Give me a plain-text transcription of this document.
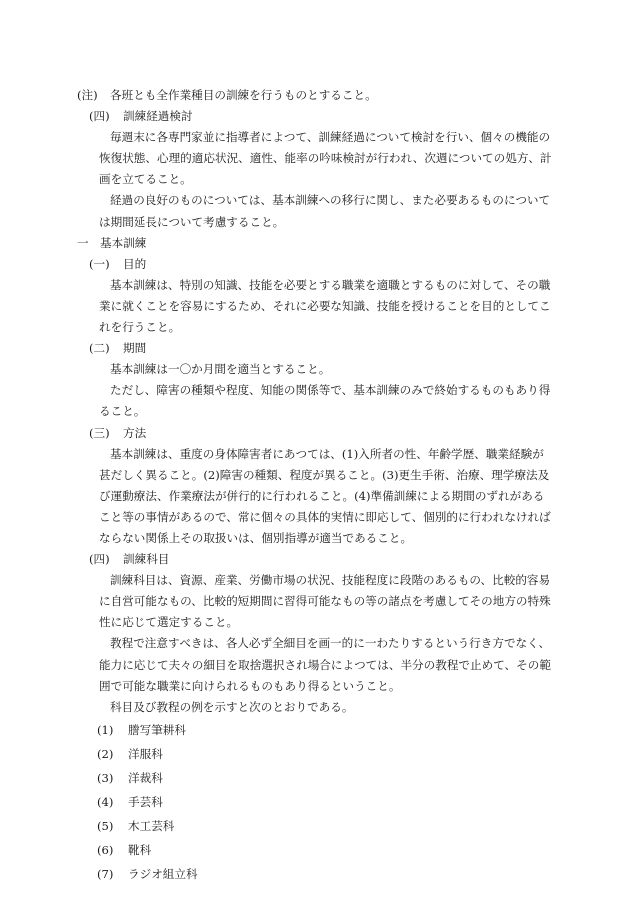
(注) 各班とも全作業種目の訓練を行うものとすること。
(四) 訓練経過検討
毎週末に各専門家並に指導者によつて、訓練経過について検討を行い、個々の機能の
恢復状態、心理的適応状況、適性、能率の吟味検討が行われ、次週についての処方、計
画を立てること。
経過の良好のものについては、基本訓練への移行に関し、また必要あるものについて
は期間延長について考慮すること。
一 基本訓練
(一) 目的
基本訓練は、特別の知識、技能を必要とする職業を適職とするものに対して、その職
業に就くことを容易にするため、それに必要な知識、技能を授けることを目的としてこ
れを行うこと。
(二) 期間
基本訓練は一〇か月間を適当とすること。
ただし、障害の種類や程度、知能の関係等で、基本訓練のみで終始するものもあり得
ること。
(三) 方法
基本訓練は、重度の身体障害者にあつては、(1)入所者の性、年齢学歴、職業経験が
甚だしく異ること。(2)障害の種類、程度が異ること。(3)更生手術、治療、理学療法及
び運動療法、作業療法が併行的に行われること。(4)準備訓練による期間のずれがある
こと等の事情があるので、常に個々の具体的実情に即応して、個別的に行われなければ
ならない関係上その取扱いは、個別指導が適当であること。
(四) 訓練科目
訓練科目は、資源、産業、労働市場の状況、技能程度に段階のあるもの、比較的容易
に自営可能なもの、比較的短期間に習得可能なもの等の諸点を考慮してその地方の特殊
性に応じて選定すること。
教程で注意すべきは、各人必ず全細目を画一的に一わたりするという行き方でなく、
能力に応じて夫々の細目を取捨選択され場合によつては、半分の教程で止めて、その範
囲で可能な職業に向けられるものもあり得るということ。
科目及び教程の例を示すと次のとおりである。
(1) 謄写筆耕科
(2) 洋服科
(3) 洋裁科
(4) 手芸科
(5) 木工芸科
(6) 靴科
(7) ラジオ組立科
